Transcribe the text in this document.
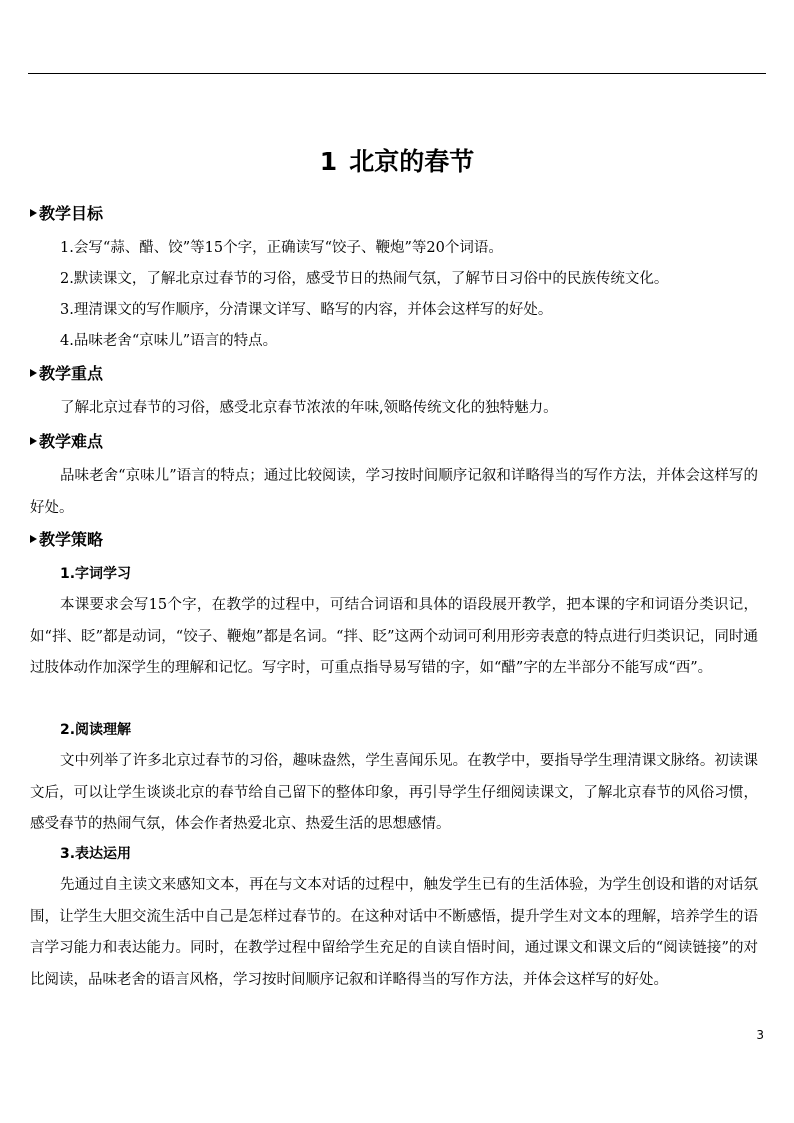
1 北京的春节
教学目标
1.会写“蒜、醋、饺”等15个字，正确读写“饺子、鞭炮”等20个词语。
2.默读课文，了解北京过春节的习俗，感受节日的热闹气氛，了解节日习俗中的民族传统文化。
3.理清课文的写作顺序，分清课文详写、略写的内容，并体会这样写的好处。
4.品味老舍“京味儿”语言的特点。
教学重点
了解北京过春节的习俗，感受北京春节浓浓的年味,领略传统文化的独特魅力。
教学难点
品味老舍“京味儿”语言的特点；通过比较阅读，学习按时间顺序记叙和详略得当的写作方法，并体会这样写的好处。
教学策略
1.字词学习
本课要求会写15个字，在教学的过程中，可结合词语和具体的语段展开教学，把本课的字和词语分类识记，如“拌、眨”都是动词，“饺子、鞭炮”都是名词。“拌、眨”这两个动词可利用形旁表意的特点进行归类识记，同时通过肢体动作加深学生的理解和记忆。写字时，可重点指导易写错的字，如“醋”字的左半部分不能写成“西”。
2.阅读理解
文中列举了许多北京过春节的习俗，趣味盎然，学生喜闻乐见。在教学中，要指导学生理清课文脉络。初读课文后，可以让学生谈谈北京的春节给自己留下的整体印象，再引导学生仔细阅读课文，了解北京春节的风俗习惯，感受春节的热闹气氛，体会作者热爱北京、热爱生活的思想感情。
3.表达运用
先通过自主读文来感知文本，再在与文本对话的过程中，触发学生已有的生活体验，为学生创设和谐的对话氛围，让学生大胆交流生活中自己是怎样过春节的。在这种对话中不断感悟，提升学生对文本的理解，培养学生的语言学习能力和表达能力。同时，在教学过程中留给学生充足的自读自悟时间，通过课文和课文后的“阅读链接”的对比阅读，品味老舍的语言风格，学习按时间顺序记叙和详略得当的写作方法，并体会这样写的好处。
3
